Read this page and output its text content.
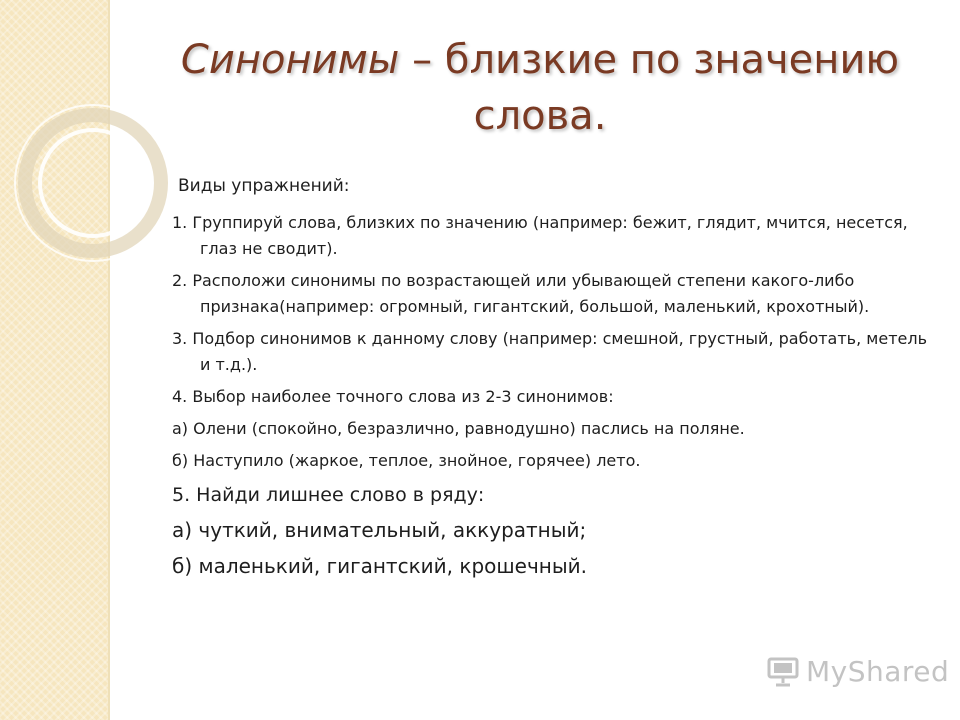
Синонимы – близкие по значению слова.

Виды упражнений:

1. Группируй слова, близких по значению (например: бежит, глядит, мчится, несется, глаз не сводит).

2. Расположи синонимы по возрастающей или убывающей степени какого-либо признака(например: огромный, гигантский, большой, маленький, крохотный).

3. Подбор синонимов к данному слову (например: смешной, грустный, работать, метель и т.д.).

4. Выбор наиболее точного слова из 2-3 синонимов:

а) Олени (спокойно, безразлично, равнодушно) паслись на поляне.

б) Наступило (жаркое, теплое, знойное, горячее) лето.

5. Найди лишнее слово в ряду:

а) чуткий, внимательный, аккуратный;

б) маленький, гигантский, крошечный.

MyShared
